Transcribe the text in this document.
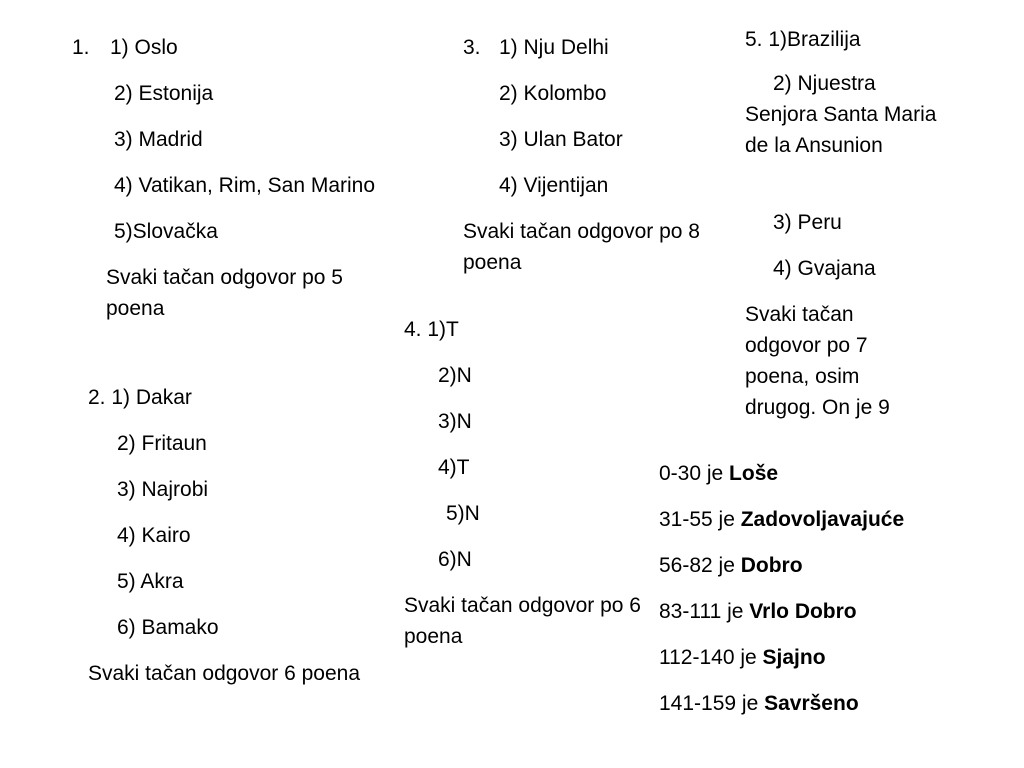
1. 1) Oslo
2) Estonija
3) Madrid
4) Vatikan, Rim, San Marino
5)Slovačka
Svaki tačan odgovor po 5 poena
2. 1) Dakar
2) Fritaun
3) Najrobi
4) Kairo
5) Akra
6) Bamako
Svaki tačan odgovor 6 poena
3. 1) Nju Delhi
2) Kolombo
3) Ulan Bator
4) Vijentijan
Svaki tačan odgovor po 8 poena
4. 1)T
2)N
3)N
4)T
5)N
6)N
Svaki tačan odgovor po 6 poena
5. 1)Brazilija
2) Njuestra Senjora Santa Maria de la Ansunion
3) Peru
4) Gvajana
Svaki tačan odgovor po 7 poena, osim drugog. On je 9
0-30 je Loše
31-55 je Zadovoljavajuće
56-82 je Dobro
83-111 je Vrlo Dobro
112-140 je Sjajno
141-159 je Savršeno
